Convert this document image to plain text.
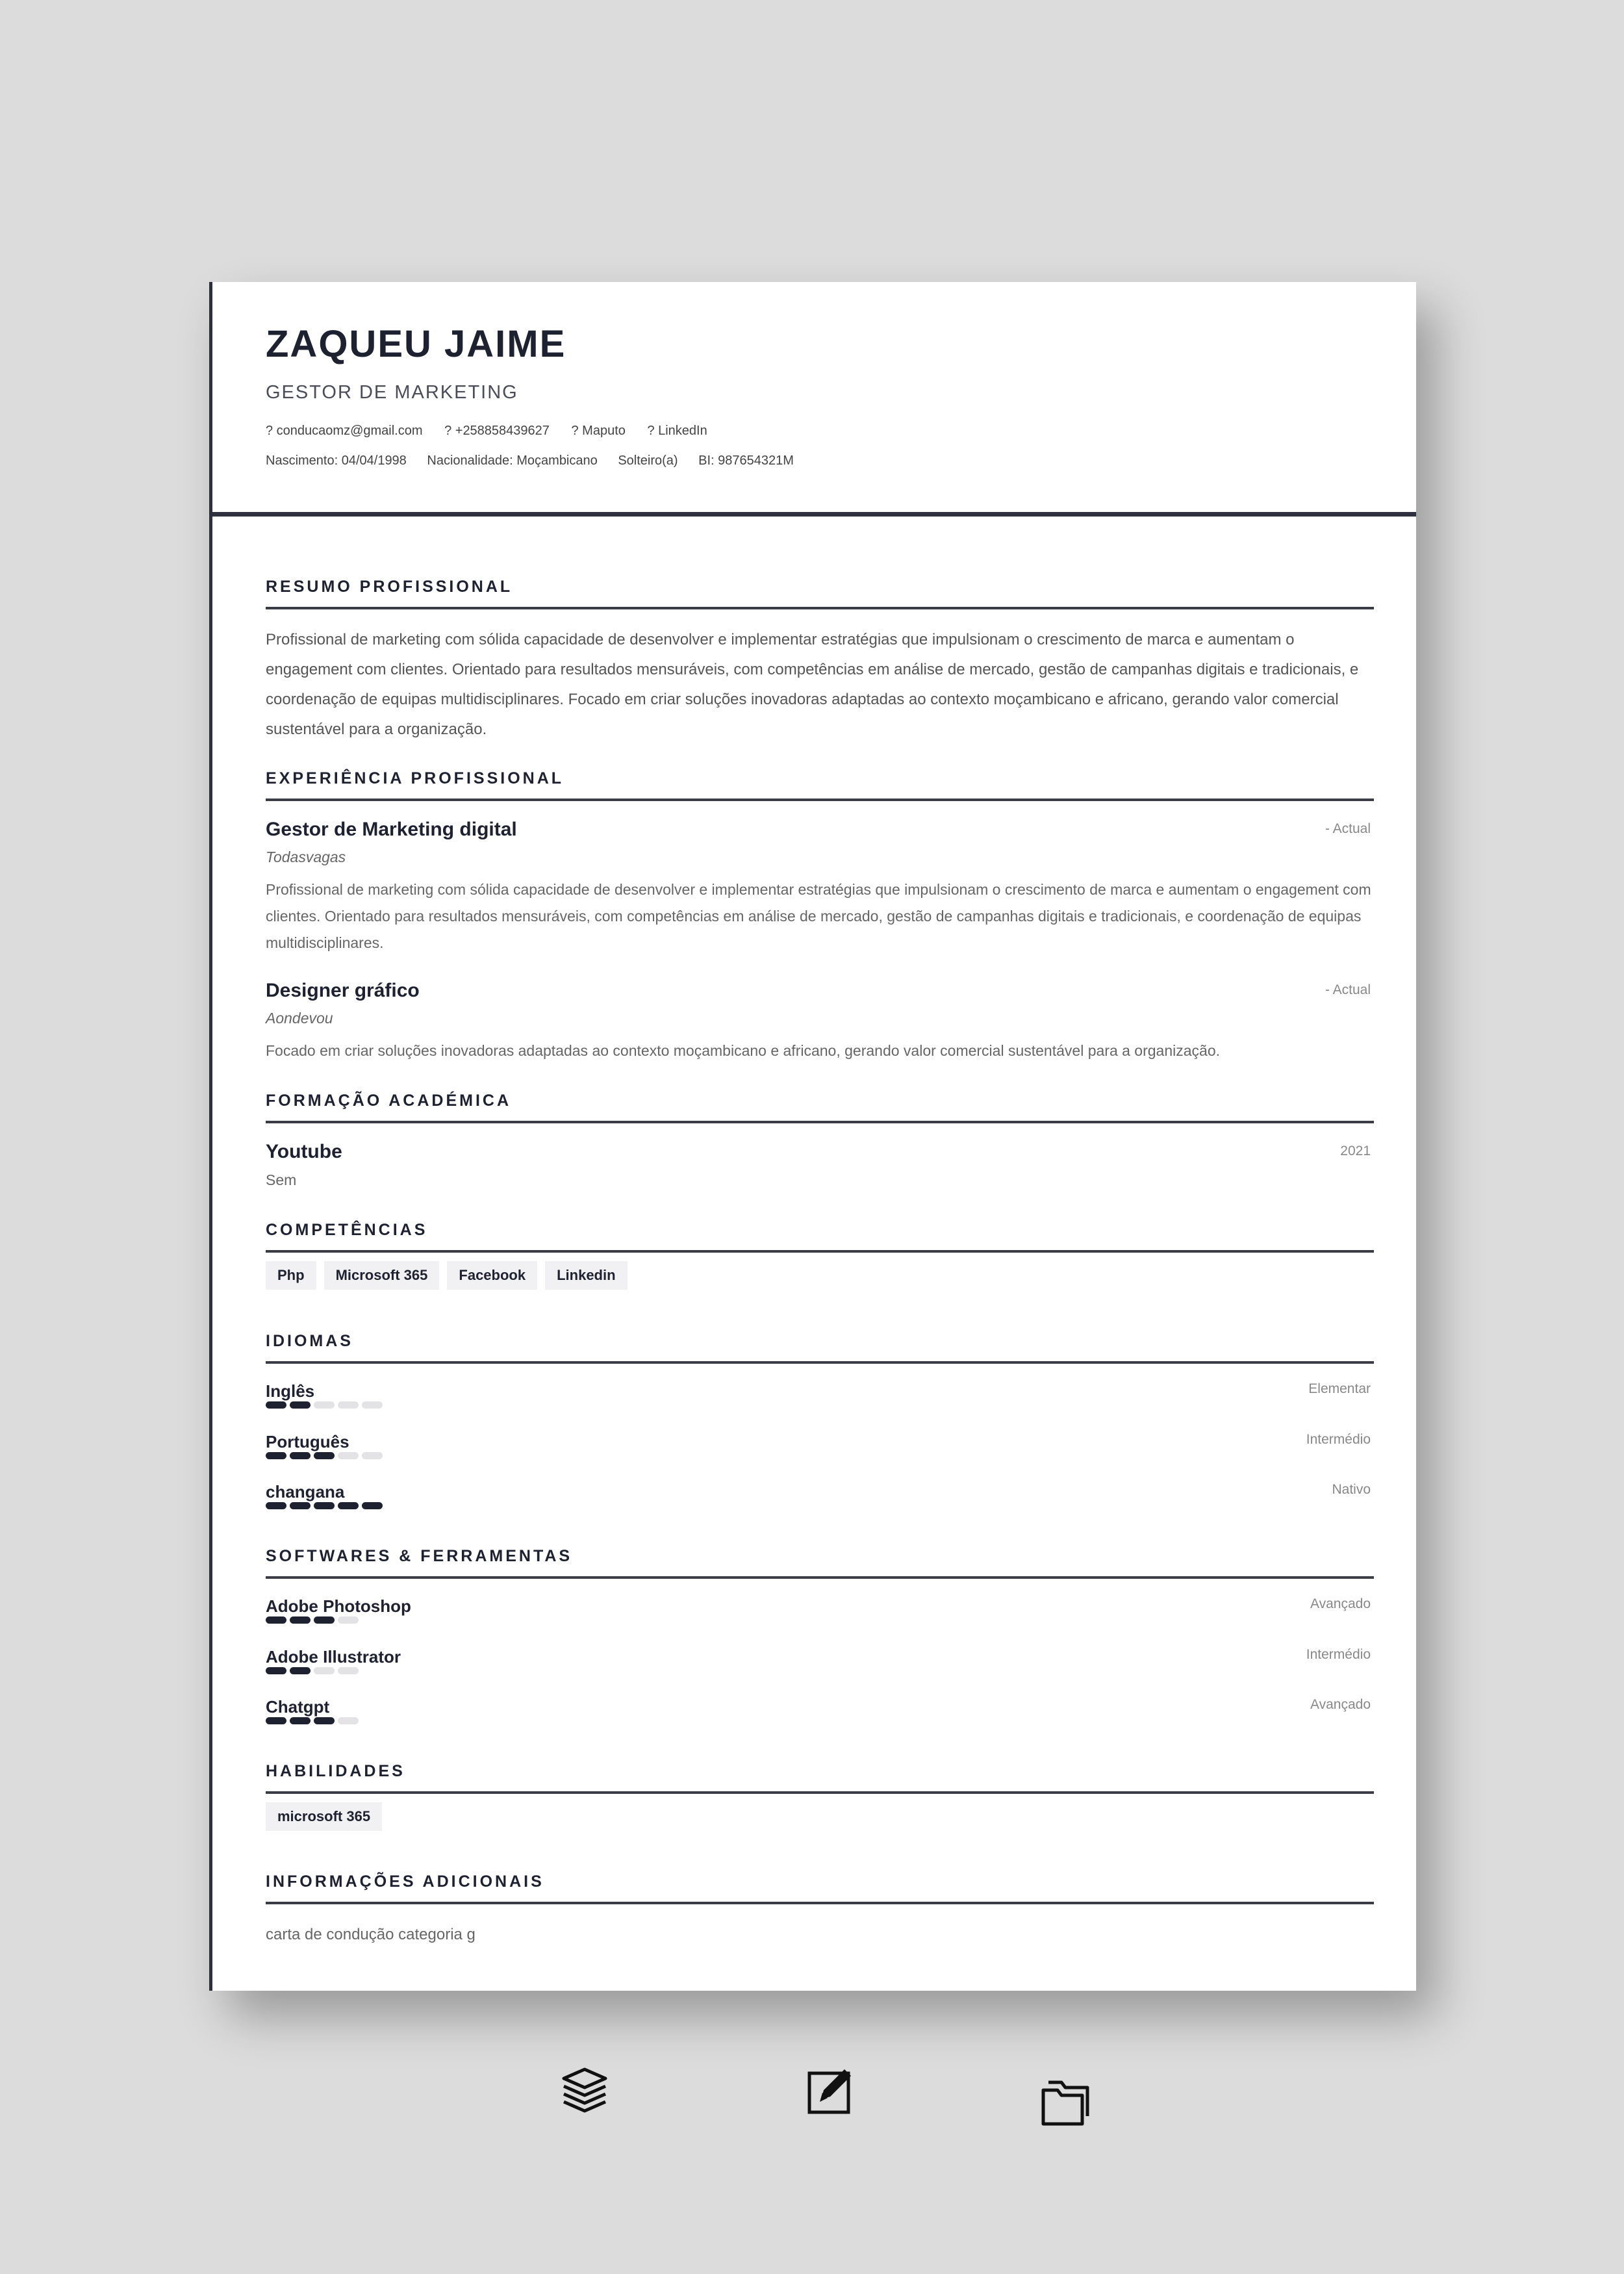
ZAQUEU JAIME
GESTOR DE MARKETING
? conducaomz@gmail.com ? +258858439627 ? Maputo ? LinkedIn
Nascimento: 04/04/1998 Nacionalidade: Moçambicano Solteiro(a) BI: 987654321M
RESUMO PROFISSIONAL
Profissional de marketing com sólida capacidade de desenvolver e implementar estratégias que impulsionam o crescimento de marca e aumentam o engagement com clientes. Orientado para resultados mensuráveis, com competências em análise de mercado, gestão de campanhas digitais e tradicionais, e coordenação de equipas multidisciplinares. Focado em criar soluções inovadoras adaptadas ao contexto moçambicano e africano, gerando valor comercial sustentável para a organização.
EXPERIÊNCIA PROFISSIONAL
Gestor de Marketing digital	- Actual
Todasvagas
Profissional de marketing com sólida capacidade de desenvolver e implementar estratégias que impulsionam o crescimento de marca e aumentam o engagement com clientes. Orientado para resultados mensuráveis, com competências em análise de mercado, gestão de campanhas digitais e tradicionais, e coordenação de equipas multidisciplinares.
Designer gráfico	- Actual
Aondevou
Focado em criar soluções inovadoras adaptadas ao contexto moçambicano e africano, gerando valor comercial sustentável para a organização.
FORMAÇÃO ACADÉMICA
Youtube	2021
Sem
COMPETÊNCIAS
Php	Microsoft 365	Facebook	Linkedin
IDIOMAS
Inglês	Elementar
Português	Intermédio
changana	Nativo
SOFTWARES & FERRAMENTAS
Adobe Photoshop	Avançado
Adobe Illustrator	Intermédio
Chatgpt	Avançado
HABILIDADES
microsoft 365
INFORMAÇÕES ADICIONAIS
carta de condução categoria g
